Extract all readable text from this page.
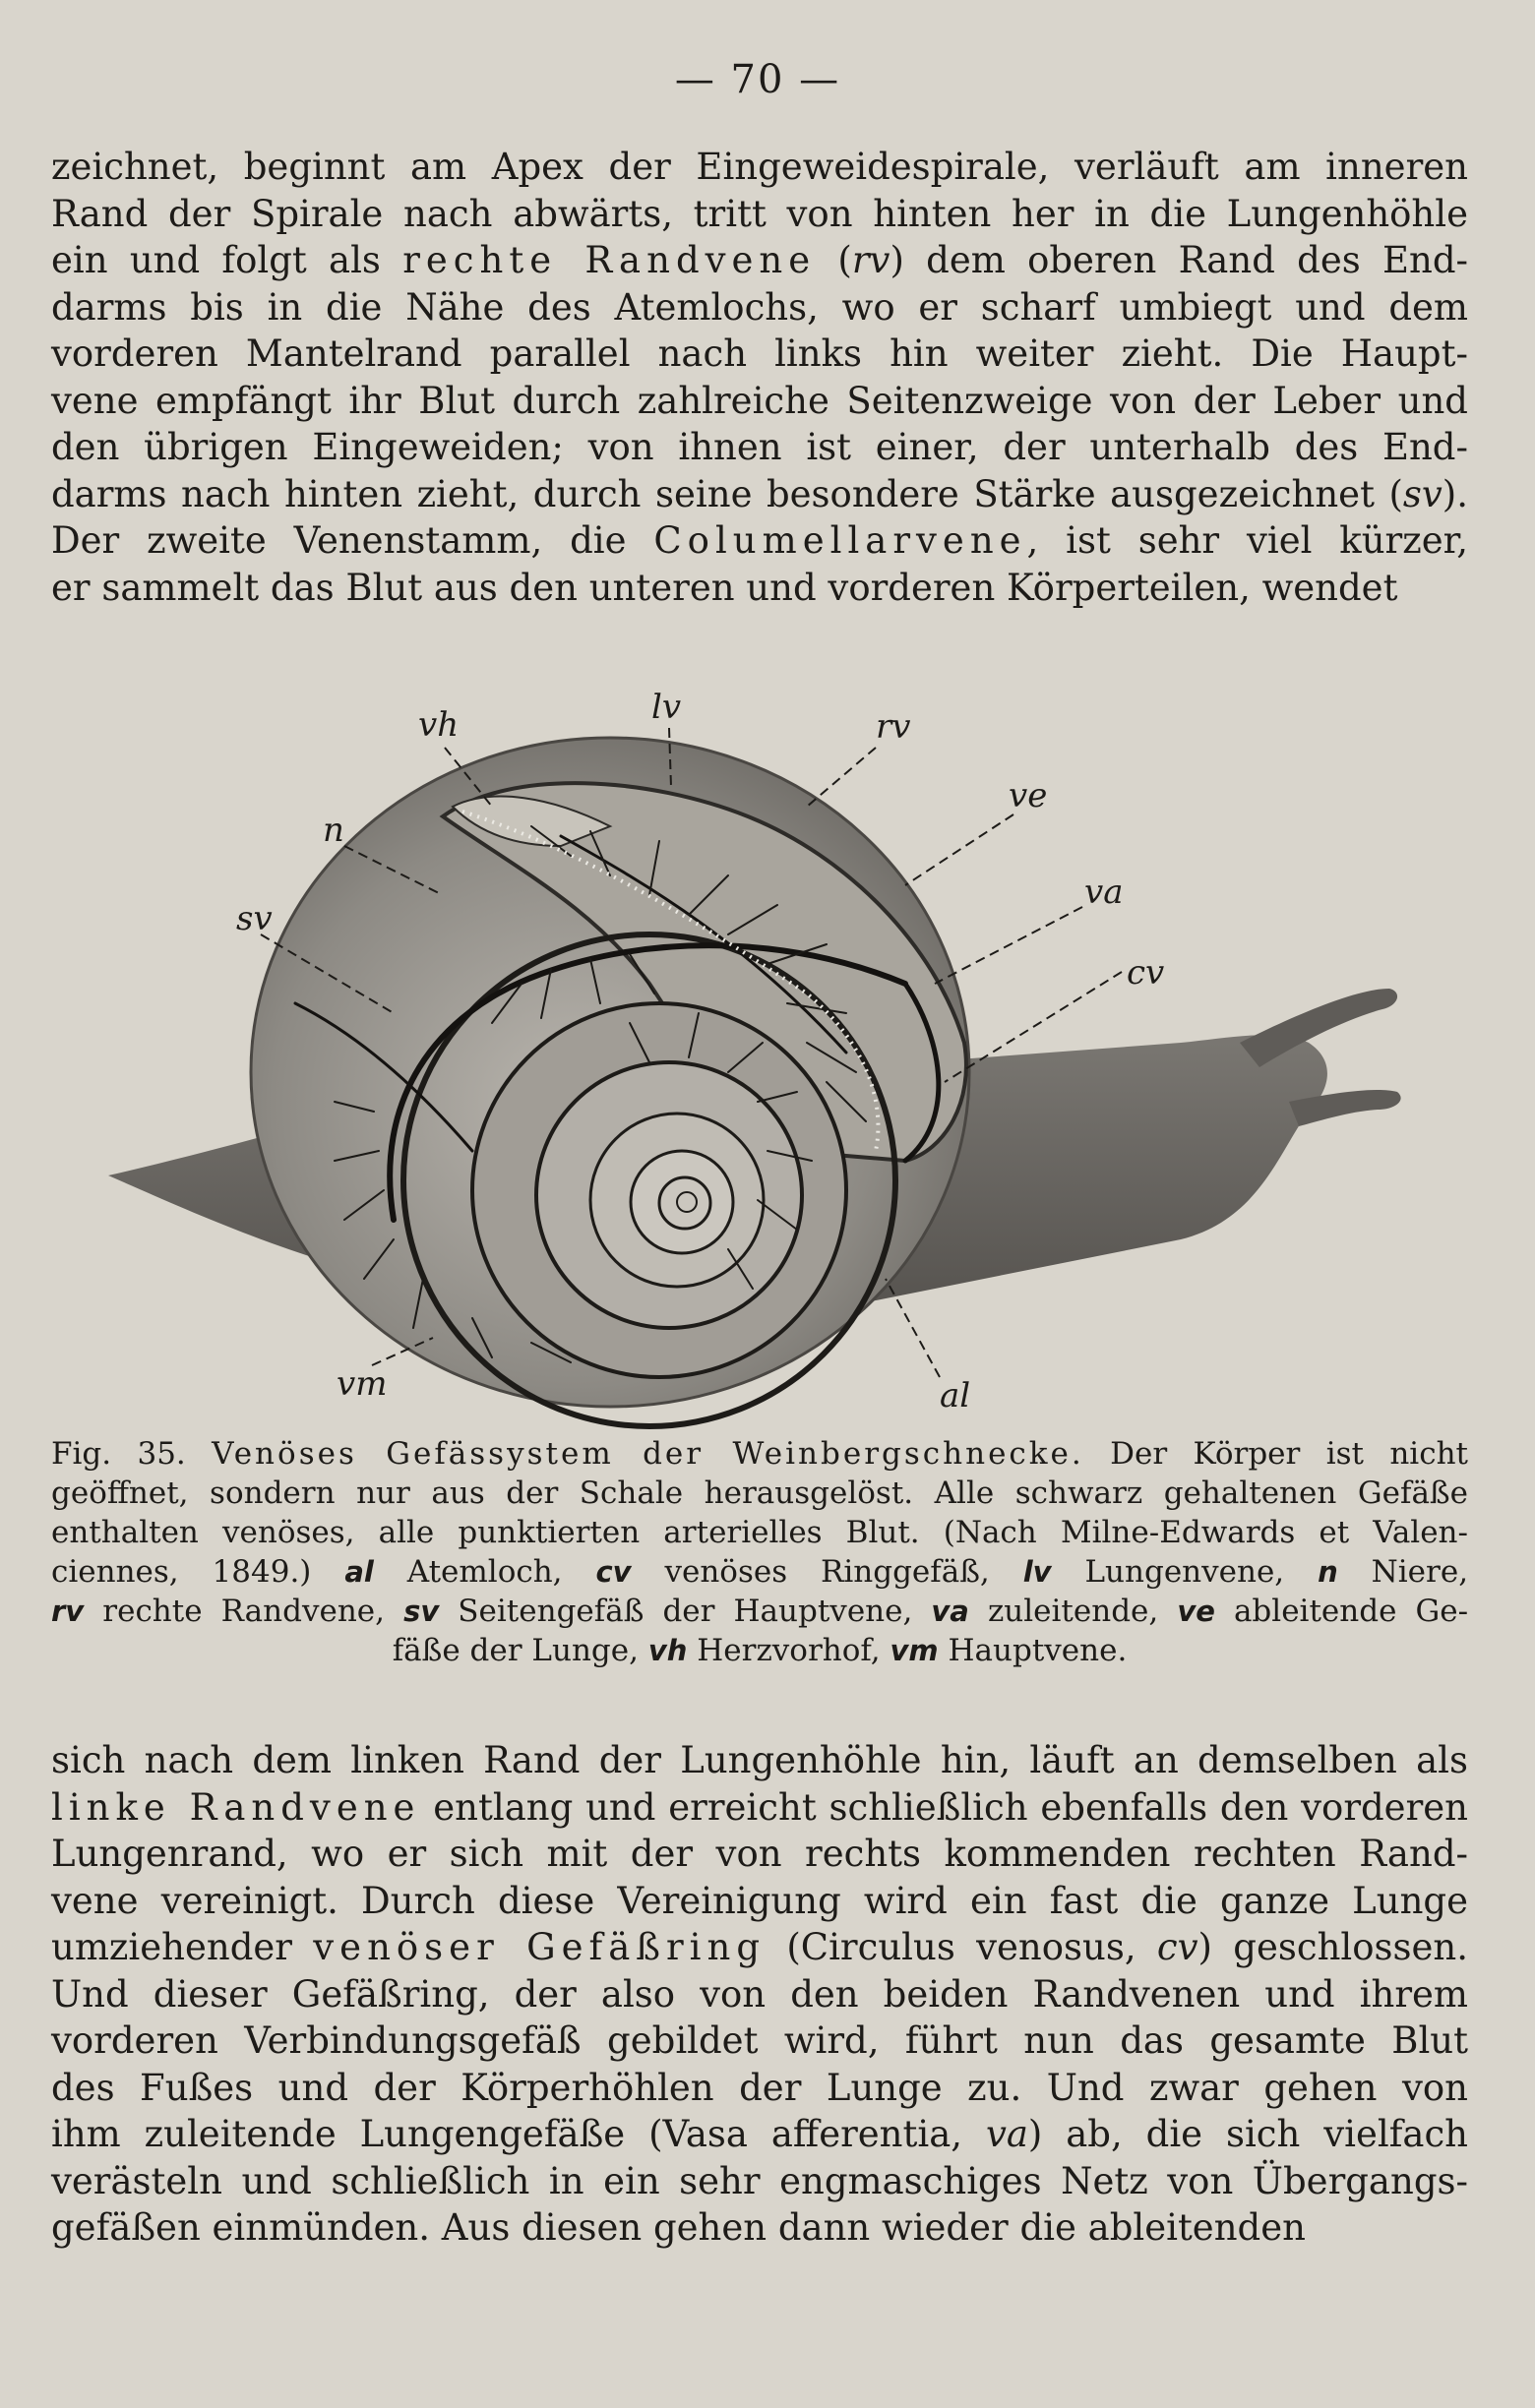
— 70 —
zeichnet, beginnt am Apex der Eingeweidespirale, verläuft am inneren
Rand der Spirale nach abwärts, tritt von hinten her in die Lungenhöhle
ein und folgt als rechte Randvene (rv) dem oberen Rand des End-
darms bis in die Nähe des Atemlochs, wo er scharf umbiegt und dem
vorderen Mantelrand parallel nach links hin weiter zieht. Die Haupt-
vene empfängt ihr Blut durch zahlreiche Seitenzweige von der Leber und
den übrigen Eingeweiden; von ihnen ist einer, der unterhalb des End-
darms nach hinten zieht, durch seine besondere Stärke ausgezeichnet (sv).
Der zweite Venenstamm, die Columellarvene, ist sehr viel kürzer,
er sammelt das Blut aus den unteren und vorderen Körperteilen, wendet
vh	lv	rv
ve
n
sv
va
cv
vm	al
Fig. 35. Venöses Gefässystem der Weinbergschnecke. Der Körper ist nicht
geöffnet, sondern nur aus der Schale herausgelöst. Alle schwarz gehaltenen Gefäße
enthalten venöses, alle punktierten arterielles Blut. (Nach Milne-Edwards et Valen-
ciennes, 1849.) al Atemloch, cv venöses Ringgefäß, lv Lungenvene, n Niere,
rv rechte Randvene, sv Seitengefäß der Hauptvene, va zuleitende, ve ableitende Ge-
fäße der Lunge, vh Herzvorhof, vm Hauptvene.
sich nach dem linken Rand der Lungenhöhle hin, läuft an demselben als
linke Randvene entlang und erreicht schließlich ebenfalls den vorderen
Lungenrand, wo er sich mit der von rechts kommenden rechten Rand-
vene vereinigt. Durch diese Vereinigung wird ein fast die ganze Lunge
umziehender venöser Gefäßring (Circulus venosus, cv) geschlossen.
Und dieser Gefäßring, der also von den beiden Randvenen und ihrem
vorderen Verbindungsgefäß gebildet wird, führt nun das gesamte Blut
des Fußes und der Körperhöhlen der Lunge zu. Und zwar gehen von
ihm zuleitende Lungengefäße (Vasa afferentia, va) ab, die sich vielfach
verästeln und schließlich in ein sehr engmaschiges Netz von Übergangs-
gefäßen einmünden. Aus diesen gehen dann wieder die ableitenden
